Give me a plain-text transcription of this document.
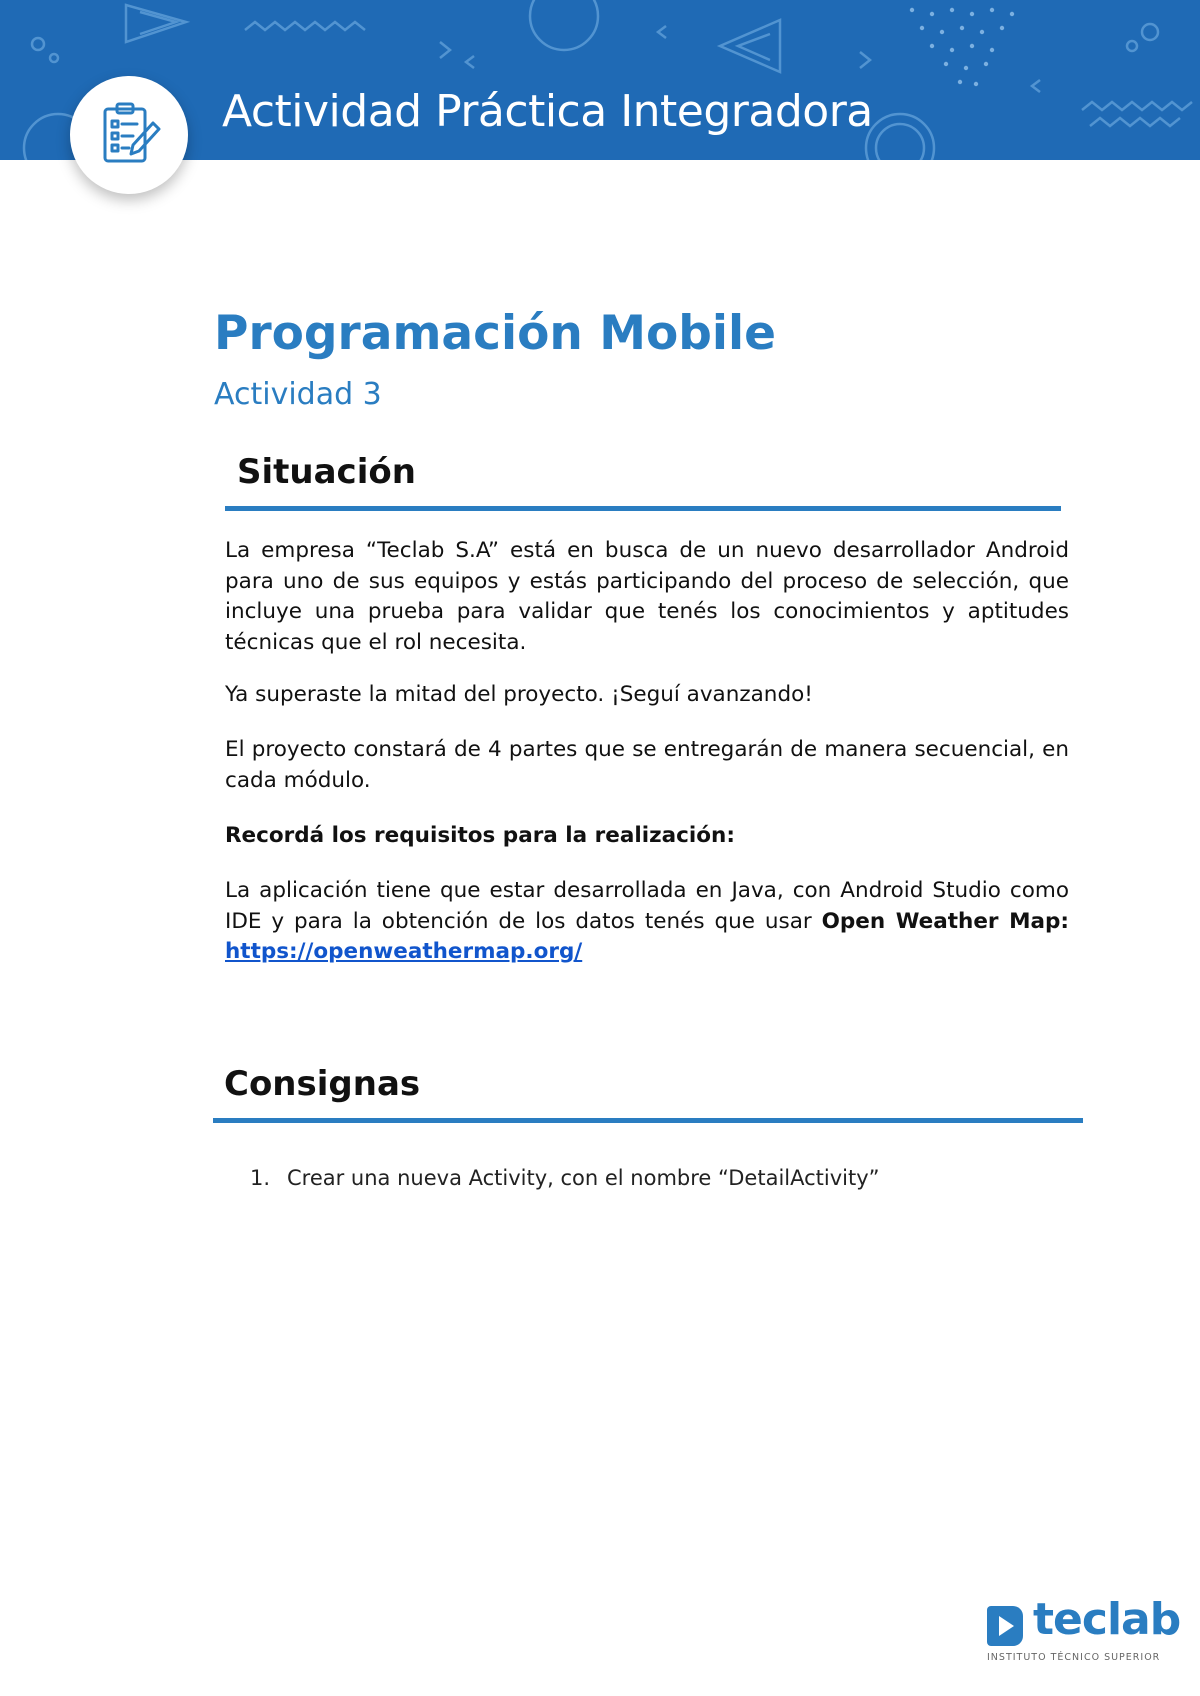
Actividad Práctica Integradora
Programación Mobile
Actividad 3
Situación

La empresa “Teclab S.A” está en busca de un nuevo desarrollador Android para uno de sus equipos y estás participando del proceso de selección, que incluye una prueba para validar que tenés los conocimientos y aptitudes técnicas que el rol necesita.

Ya superaste la mitad del proyecto. ¡Seguí avanzando!

El proyecto constará de 4 partes que se entregarán de manera secuencial, en cada módulo.

Recordá los requisitos para la realización:

La aplicación tiene que estar desarrollada en Java, con Android Studio como IDE y para la obtención de los datos tenés que usar Open Weather Map: https://openweathermap.org/

Consignas
1. Crear una nueva Activity, con el nombre “DetailActivity”
teclab
INSTITUTO TÉCNICO SUPERIOR
